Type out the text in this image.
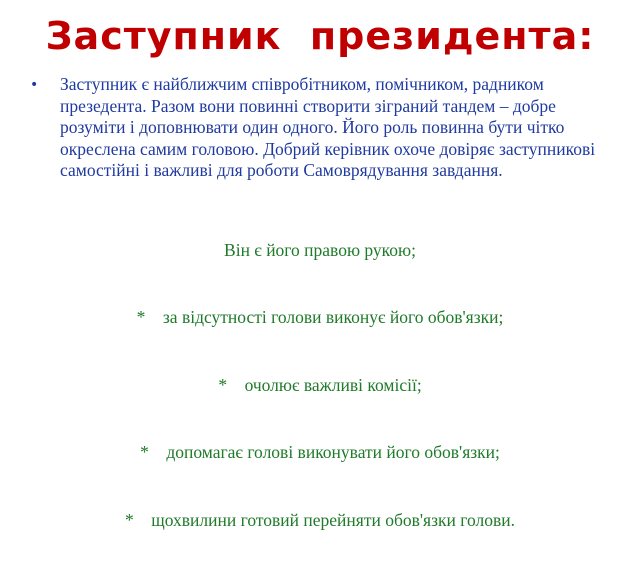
Заступник  президента:
•	Заступник є найближчим співробітником, помічником, радником презедента. Разом вони повинні створити зіграний тандем – добре розуміти і доповнювати один одного. Його роль повинна бути чітко окреслена самим головою. Добрий керівник охоче довіряє заступникові самостійні і важливі для роботи Самоврядування завдання.

Він є його правою рукою;

*    за відсутності голови виконує його обов'язки;

*    очолює важливі комісії;

*    допомагає голові виконувати його обов'язки;

*    щохвилини готовий перейняти обов'язки голови.
